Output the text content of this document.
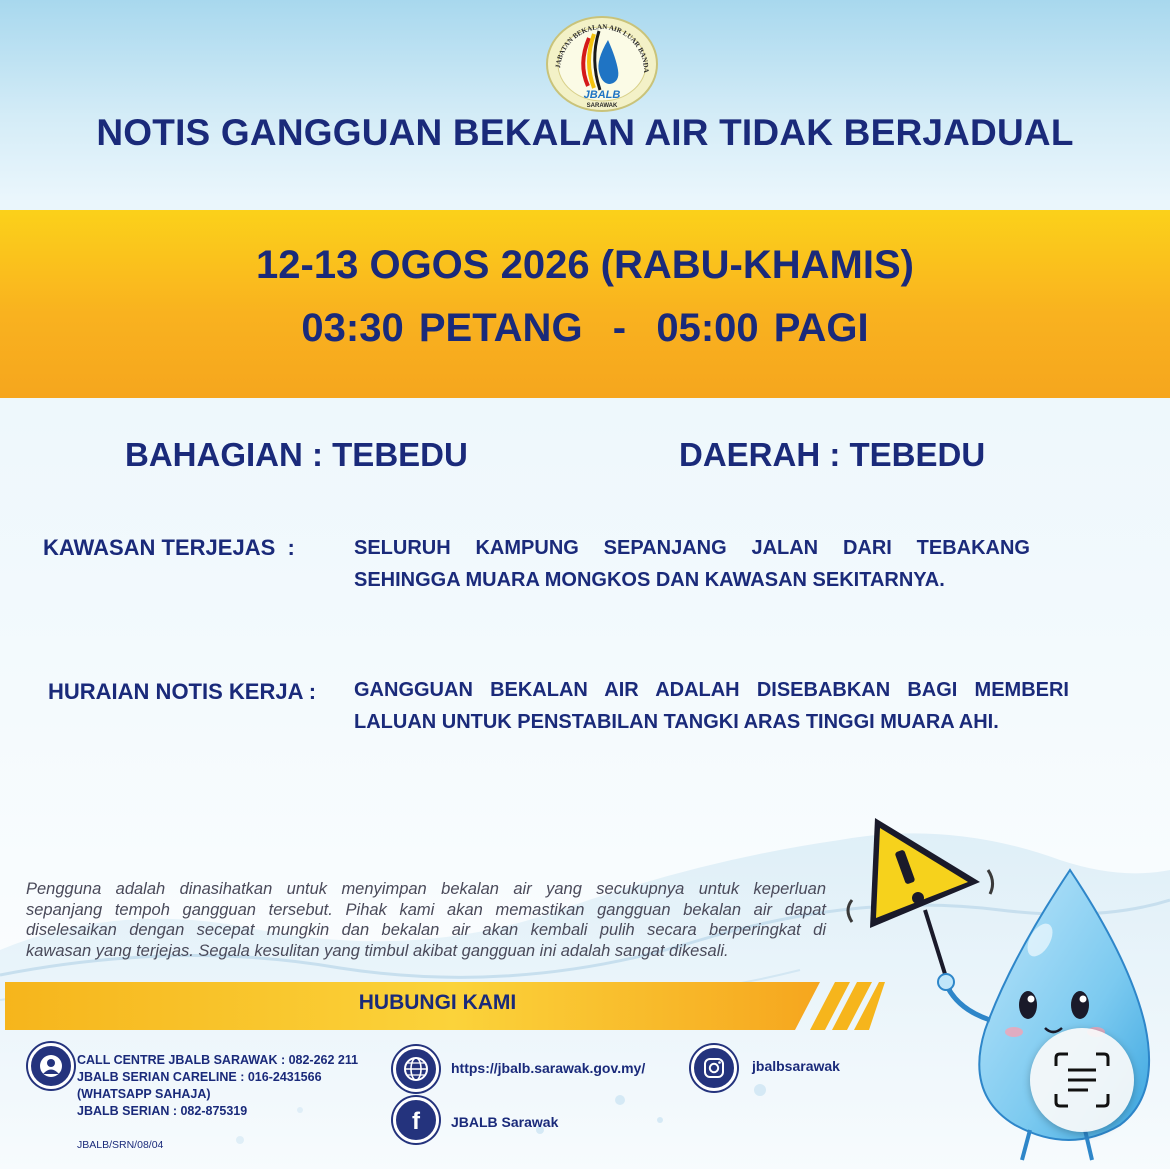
JABATAN BEKALAN AIR LUAR BANDA
JBALB
SARAWAK
NOTIS GANGGUAN BEKALAN AIR TIDAK BERJADUAL
12-13 OGOS 2026 (RABU-KHAMIS)
03:30 PETANG  -  05:00 PAGI
BAHAGIAN : TEBEDU	DAERAH : TEBEDU
KAWASAN TERJEJAS  :	SELURUH KAMPUNG SEPANJANG JALAN DARI TEBAKANG
SEHINGGA MUARA MONGKOS DAN KAWASAN SEKITARNYA.
HURAIAN NOTIS KERJA : GANGGUAN BEKALAN AIR ADALAH DISEBABKAN BAGI MEMBERI
LALUAN UNTUK PENSTABILAN TANGKI ARAS TINGGI MUARA AHI.
Pengguna adalah dinasihatkan untuk menyimpan bekalan air yang secukupnya untuk keperluan
sepanjang tempoh gangguan tersebut. Pihak kami akan memastikan gangguan bekalan air dapat
diselesaikan dengan secepat mungkin dan bekalan air akan kembali pulih secara berperingkat di
kawasan yang terjejas. Segala kesulitan yang timbul akibat gangguan ini adalah sangat dikesali.
HUBUNGI KAMI
CALL CENTRE JBALB SARAWAK : 082-262 211
JBALB SERIAN CARELINE : 016-2431566
(WHATSAPP SAHAJA)
JBALB SERIAN : 082-875319
https://jbalb.sarawak.gov.my/
f JBALB Sarawak
jbalbsarawak
JBALB/SRN/08/04
